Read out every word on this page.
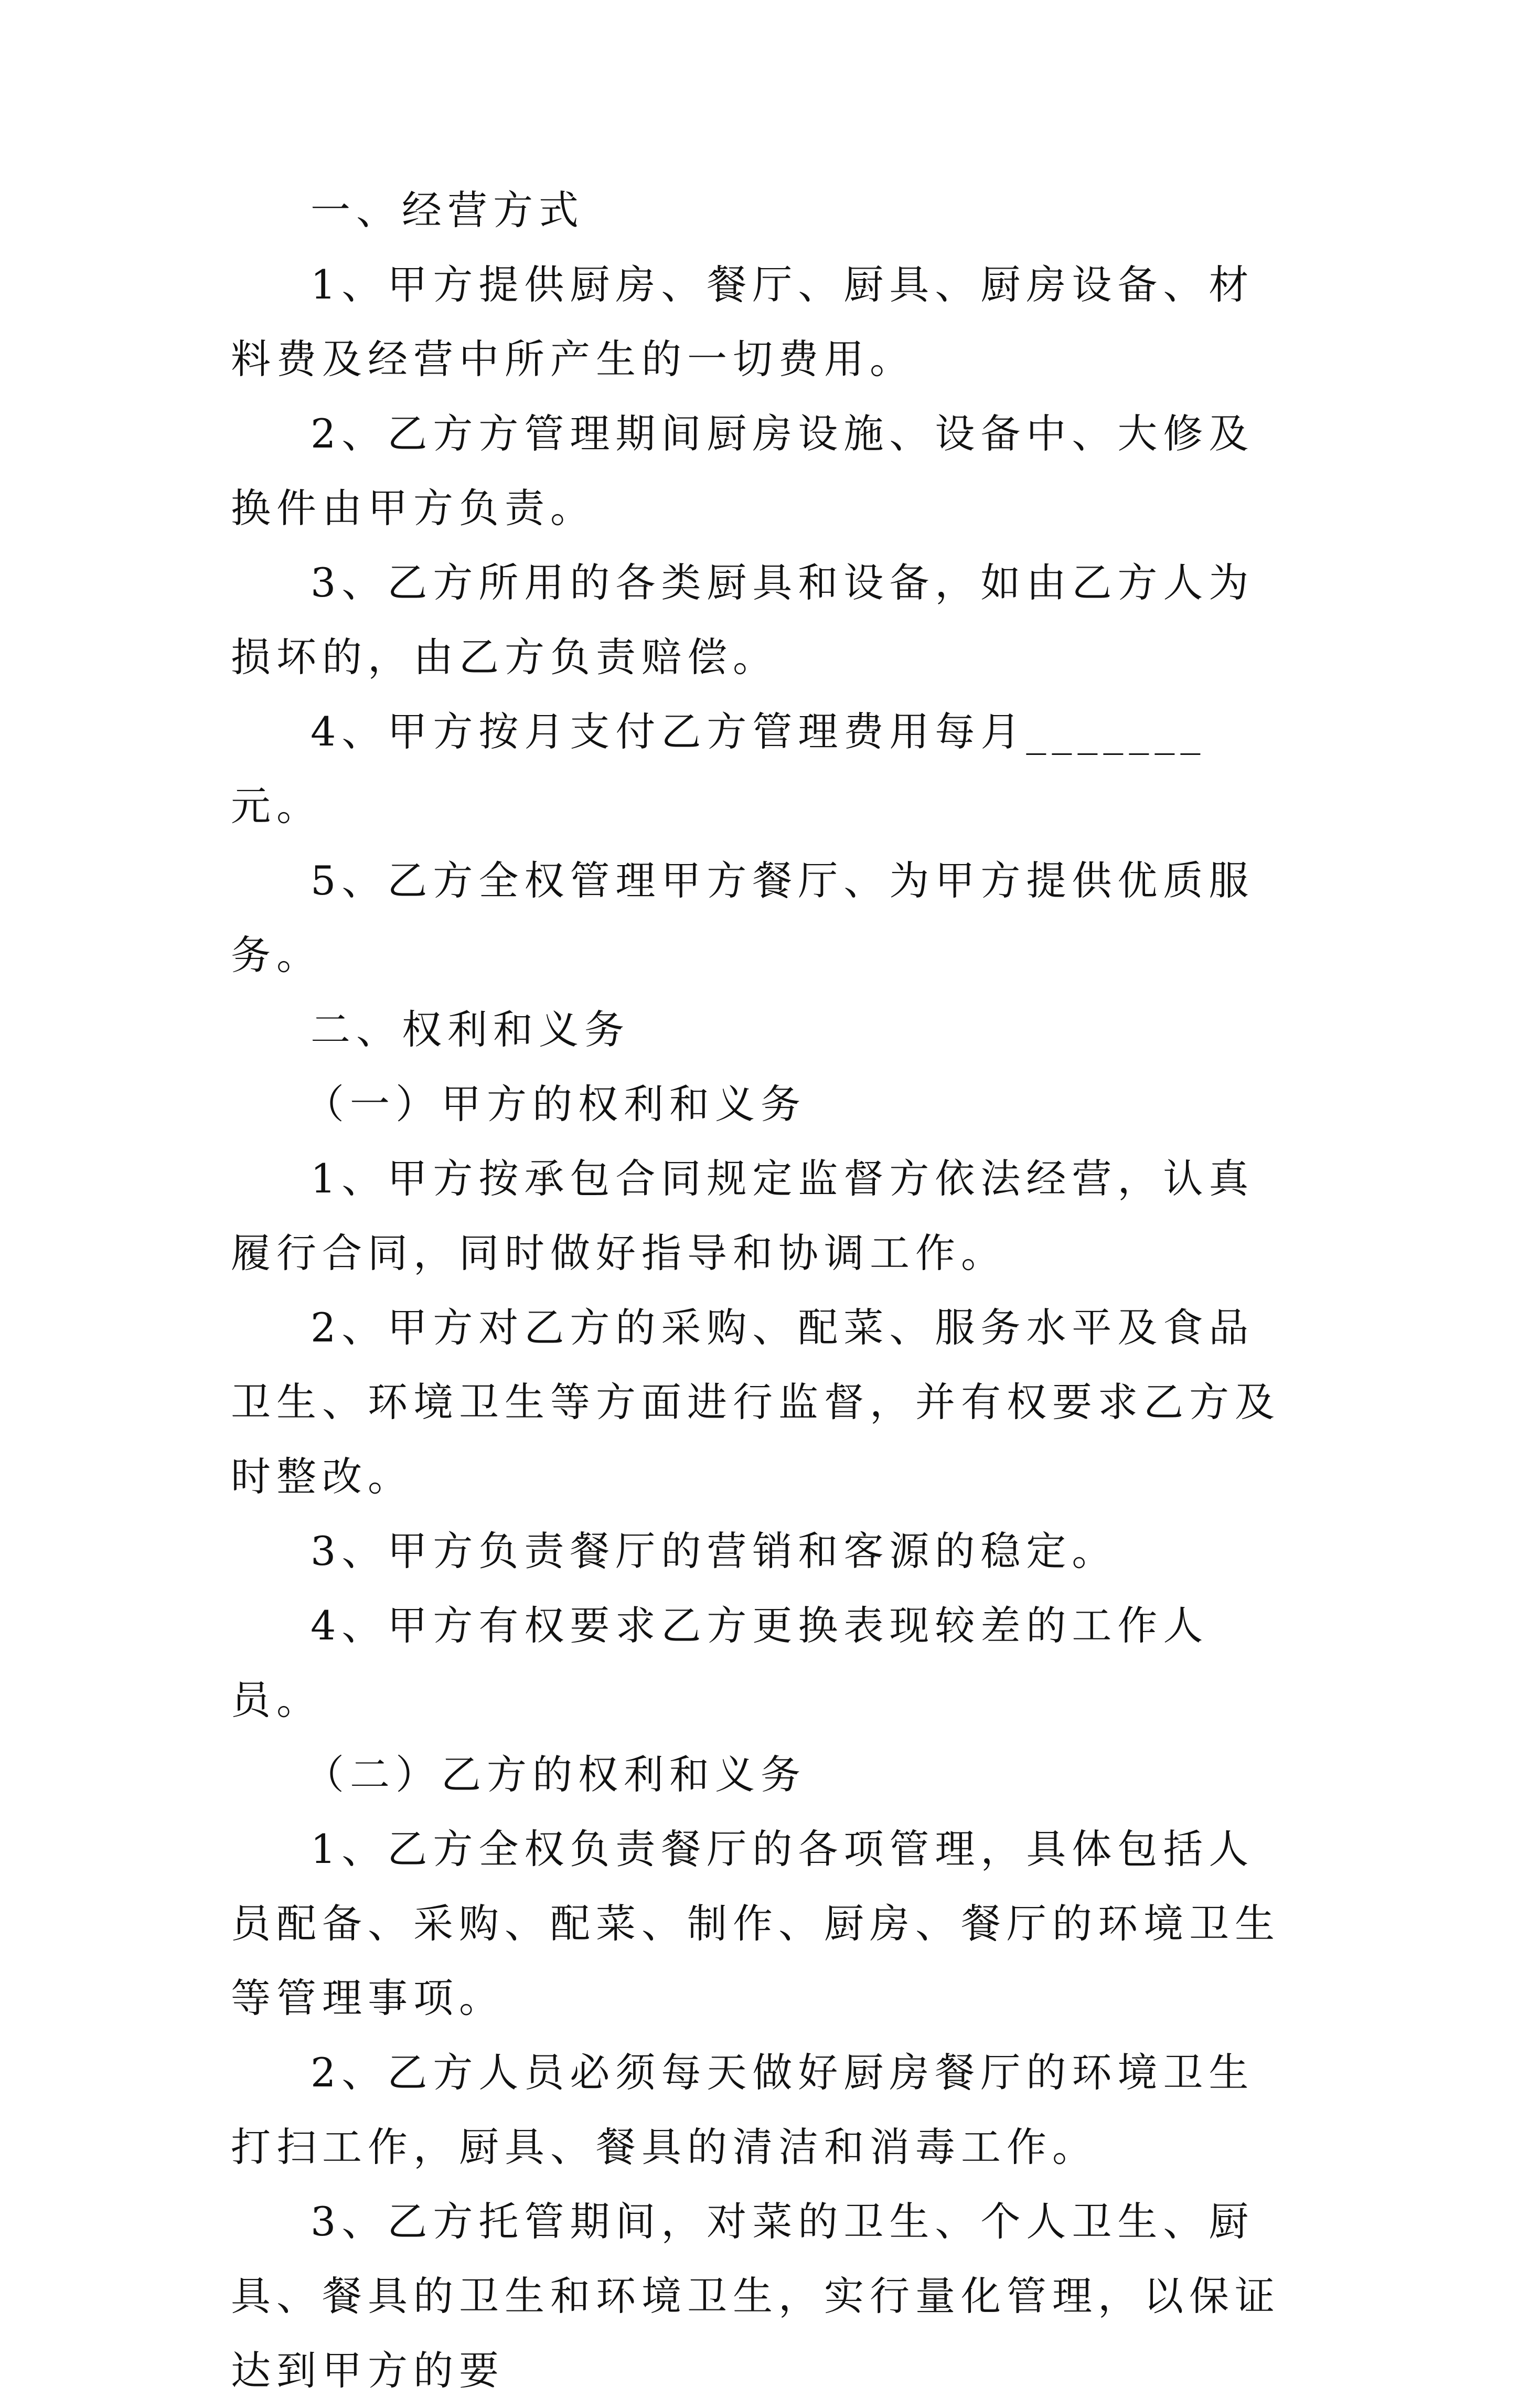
一、经营方式

1、甲方提供厨房、餐厅、厨具、厨房设备、材料费及经营中所产生的一切费用。

2、乙方方管理期间厨房设施、设备中、大修及换件由甲方负责。

3、乙方所用的各类厨具和设备，如由乙方人为损坏的，由乙方负责赔偿。

4、甲方按月支付乙方管理费用每月_______元。

5、乙方全权管理甲方餐厅、为甲方提供优质服务。

二、权利和义务

（一）甲方的权利和义务

1、甲方按承包合同规定监督方依法经营，认真履行合同，同时做好指导和协调工作。

2、甲方对乙方的采购、配菜、服务水平及食品卫生、环境卫生等方面进行监督，并有权要求乙方及时整改。

3、甲方负责餐厅的营销和客源的稳定。

4、甲方有权要求乙方更换表现较差的工作人员。

（二）乙方的权利和义务

1、乙方全权负责餐厅的各项管理，具体包括人员配备、采购、配菜、制作、厨房、餐厅的环境卫生等管理事项。

2、乙方人员必须每天做好厨房餐厅的环境卫生打扫工作，厨具、餐具的清洁和消毒工作。

3、乙方托管期间，对菜的卫生、个人卫生、厨具、餐具的卫生和环境卫生，实行量化管理，以保证达到甲方的要
